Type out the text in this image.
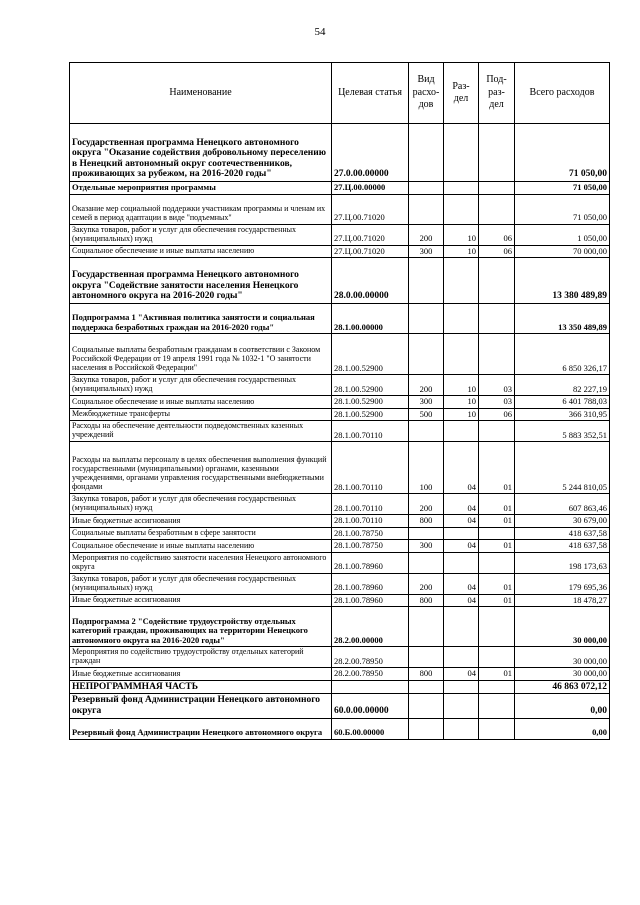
54
Наименование	Целевая статья	Вид расхо-дов	Раз-дел	Под-раз-дел	Всего расходов
Государственная программа Ненецкого автономного округа "Оказание содействия добровольному переселению в Ненецкий автономный округ соотечественников, проживающих за рубежом, на 2016-2020 годы"	27.0.00.00000				71 050,00
Отдельные мероприятия программы	27.Ц.00.00000				71 050,00
Оказание мер социальной поддержки участникам программы и членам их семей в период адаптации в виде "подъемных"	27.Ц.00.71020				71 050,00
Закупка товаров, работ и услуг для обеспечения государственных (муниципальных) нужд	27.Ц.00.71020	200	10	06	1 050,00
Социальное обеспечение и иные выплаты населению	27.Ц.00.71020	300	10	06	70 000,00
Государственная программа Ненецкого автономного округа "Содействие занятости населения Ненецкого автономного округа на 2016-2020 годы"	28.0.00.00000				13 380 489,89
Подпрограмма 1 "Активная политика занятости и социальная поддержка безработных граждан на 2016-2020 годы"	28.1.00.00000				13 350 489,89
Социальные выплаты безработным гражданам в соответствии с Законом Российской Федерации от 19 апреля 1991 года № 1032-1 "О занятости населения в Российской Федерации"	28.1.00.52900				6 850 326,17
Закупка товаров, работ и услуг для обеспечения государственных (муниципальных) нужд	28.1.00.52900	200	10	03	82 227,19
Социальное обеспечение и иные выплаты населению	28.1.00.52900	300	10	03	6 401 788,03
Межбюджетные трансферты	28.1.00.52900	500	10	06	366 310,95
Расходы на обеспечение деятельности подведомственных казенных учреждений	28.1.00.70110				5 883 352,51
Расходы на выплаты персоналу в целях обеспечения выполнения функций государственными (муниципальными) органами, казенными учреждениями, органами управления государственными внебюджетными фондами	28.1.00.70110	100	04	01	5 244 810,05
Закупка товаров, работ и услуг для обеспечения государственных (муниципальных) нужд	28.1.00.70110	200	04	01	607 863,46
Иные бюджетные ассигнования	28.1.00.70110	800	04	01	30 679,00
Социальные выплаты безработным в сфере занятости	28.1.00.78750				418 637,58
Социальное обеспечение и иные выплаты населению	28.1.00.78750	300	04	01	418 637,58
Мероприятия по содействию занятости населения Ненецкого автономного округа	28.1.00.78960				198 173,63
Закупка товаров, работ и услуг для обеспечения государственных (муниципальных) нужд	28.1.00.78960	200	04	01	179 695,36
Иные бюджетные ассигнования	28.1.00.78960	800	04	01	18 478,27
Подпрограмма 2 "Содействие трудоустройству отдельных категорий граждан, проживающих на территории Ненецкого автономного округа на 2016-2020 годы"	28.2.00.00000				30 000,00
Мероприятия по содействию трудоустройству отдельных категорий граждан	28.2.00.78950				30 000,00
Иные бюджетные ассигнования	28.2.00.78950	800	04	01	30 000,00
НЕПРОГРАММНАЯ ЧАСТЬ					46 863 072,12
Резервный фонд Администрации Ненецкого автономного округа	60.0.00.00000				0,00
Резервный фонд Администрации Ненецкого автономного округа	60.Б.00.00000				0,00
